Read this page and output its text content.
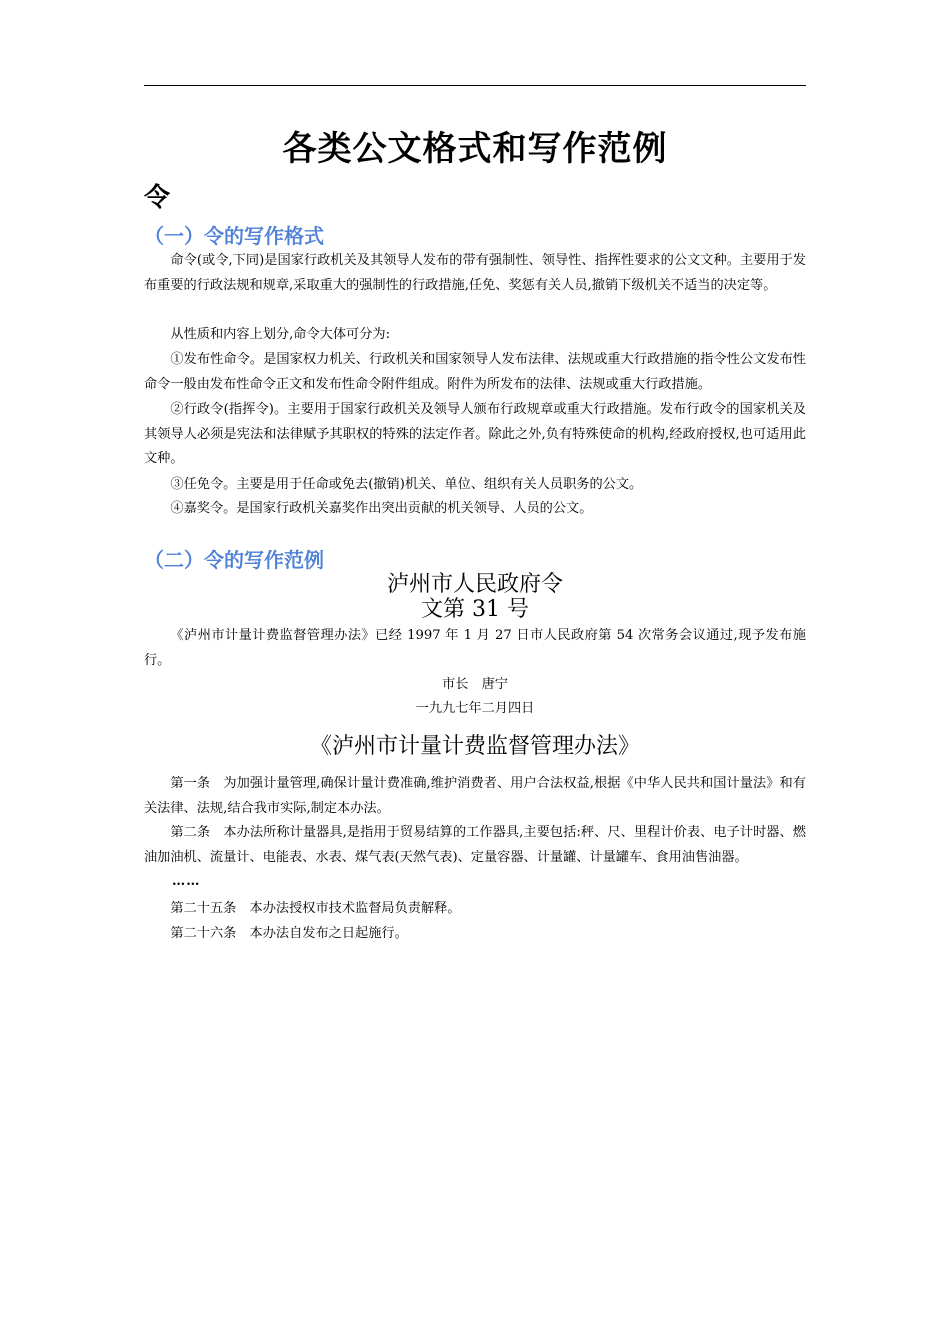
各类公文格式和写作范例
令
（一）令的写作格式

命令(或令,下同)是国家行政机关及其领导人发布的带有强制性、领导性、指挥性要求的公文文种。主要用于发布重要的行政法规和规章,采取重大的强制性的行政措施,任免、奖惩有关人员,撤销下级机关不适当的决定等。

从性质和内容上划分,命令大体可分为:

①发布性命令。是国家权力机关、行政机关和国家领导人发布法律、法规或重大行政措施的指令性公文发布性命令一般由发布性命令正文和发布性命令附件组成。附件为所发布的法律、法规或重大行政措施。

②行政令(指挥令)。主要用于国家行政机关及领导人颁布行政规章或重大行政措施。发布行政令的国家机关及其领导人必须是宪法和法律赋予其职权的特殊的法定作者。除此之外,负有特殊使命的机构,经政府授权,也可适用此文种。

③任免令。主要是用于任命或免去(撤销)机关、单位、组织有关人员职务的公文。

④嘉奖令。是国家行政机关嘉奖作出突出贡献的机关领导、人员的公文。

（二）令的写作范例

泸州市人民政府令

文第 31 号

《泸州市计量计费监督管理办法》已经 1997 年 1 月 27 日市人民政府第 54 次常务会议通过,现予发布施行。

市长　唐宁

一九九七年二月四日

《泸州市计量计费监督管理办法》

第一条　为加强计量管理,确保计量计费准确,维护消费者、用户合法权益,根据《中华人民共和国计量法》和有关法律、法规,结合我市实际,制定本办法。

第二条　本办法所称计量器具,是指用于贸易结算的工作器具,主要包括:秤、尺、里程计价表、电子计时器、燃油加油机、流量计、电能表、水表、煤气表(天然气表)、定量容器、计量罐、计量罐车、食用油售油器。

……

第二十五条　本办法授权市技术监督局负责解释。

第二十六条　本办法自发布之日起施行。
